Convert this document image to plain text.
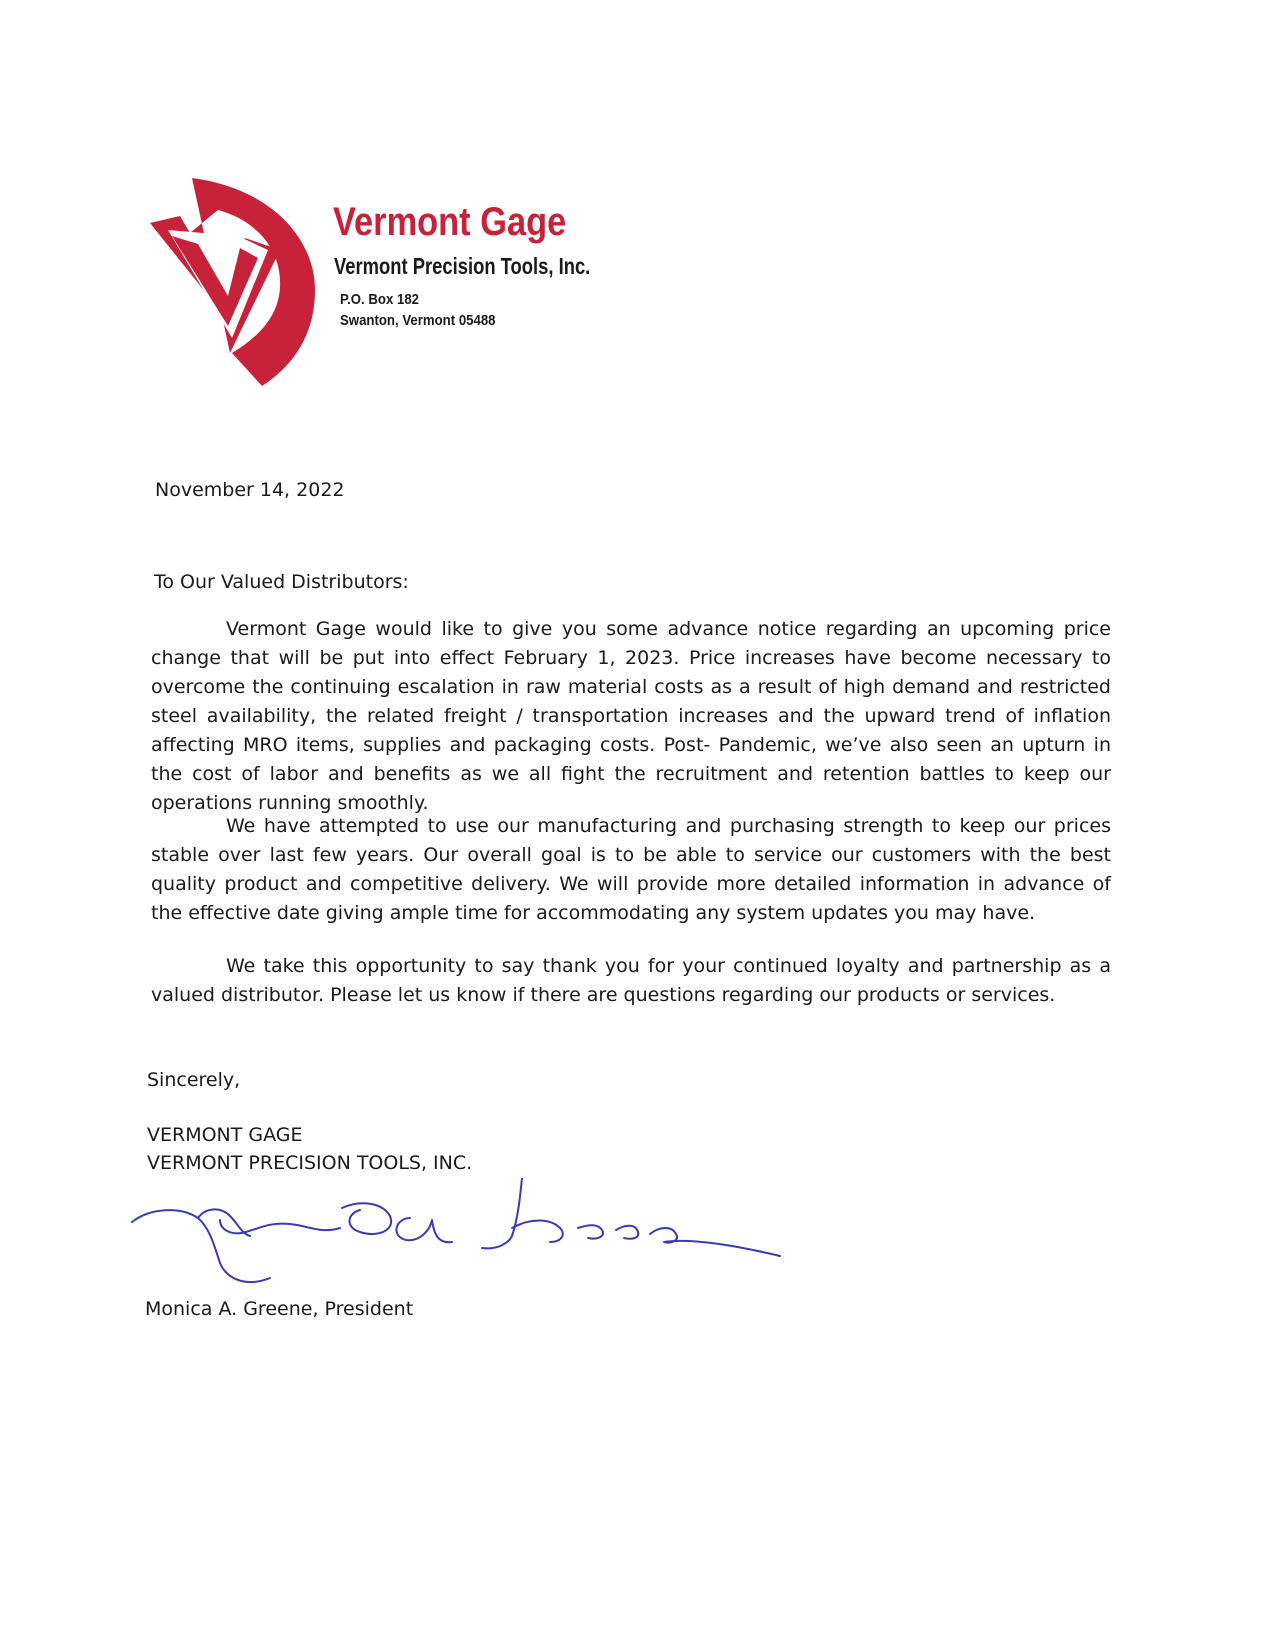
Vermont Gage
Vermont Precision Tools, Inc.
P.O. Box 182
Swanton, Vermont 05488
November 14, 2022
To Our Valued Distributors:

Vermont Gage would like to give you some advance notice regarding an upcoming price change that will be put into effect February 1, 2023. Price increases have become necessary to overcome the continuing escalation in raw material costs as a result of high demand and restricted steel availability, the related freight / transportation increases and the upward trend of inflation affecting MRO items, supplies and packaging costs. Post- Pandemic, we’ve also seen an upturn in the cost of labor and benefits as we all fight the recruitment and retention battles to keep our operations running smoothly.

We have attempted to use our manufacturing and purchasing strength to keep our prices stable over last few years. Our overall goal is to be able to service our customers with the best quality product and competitive delivery. We will provide more detailed information in advance of the effective date giving ample time for accommodating any system updates you may have.

We take this opportunity to say thank you for your continued loyalty and partnership as a valued distributor. Please let us know if there are questions regarding our products or services.

Sincerely,
VERMONT GAGE
VERMONT PRECISION TOOLS, INC.
Monica A. Greene, President
